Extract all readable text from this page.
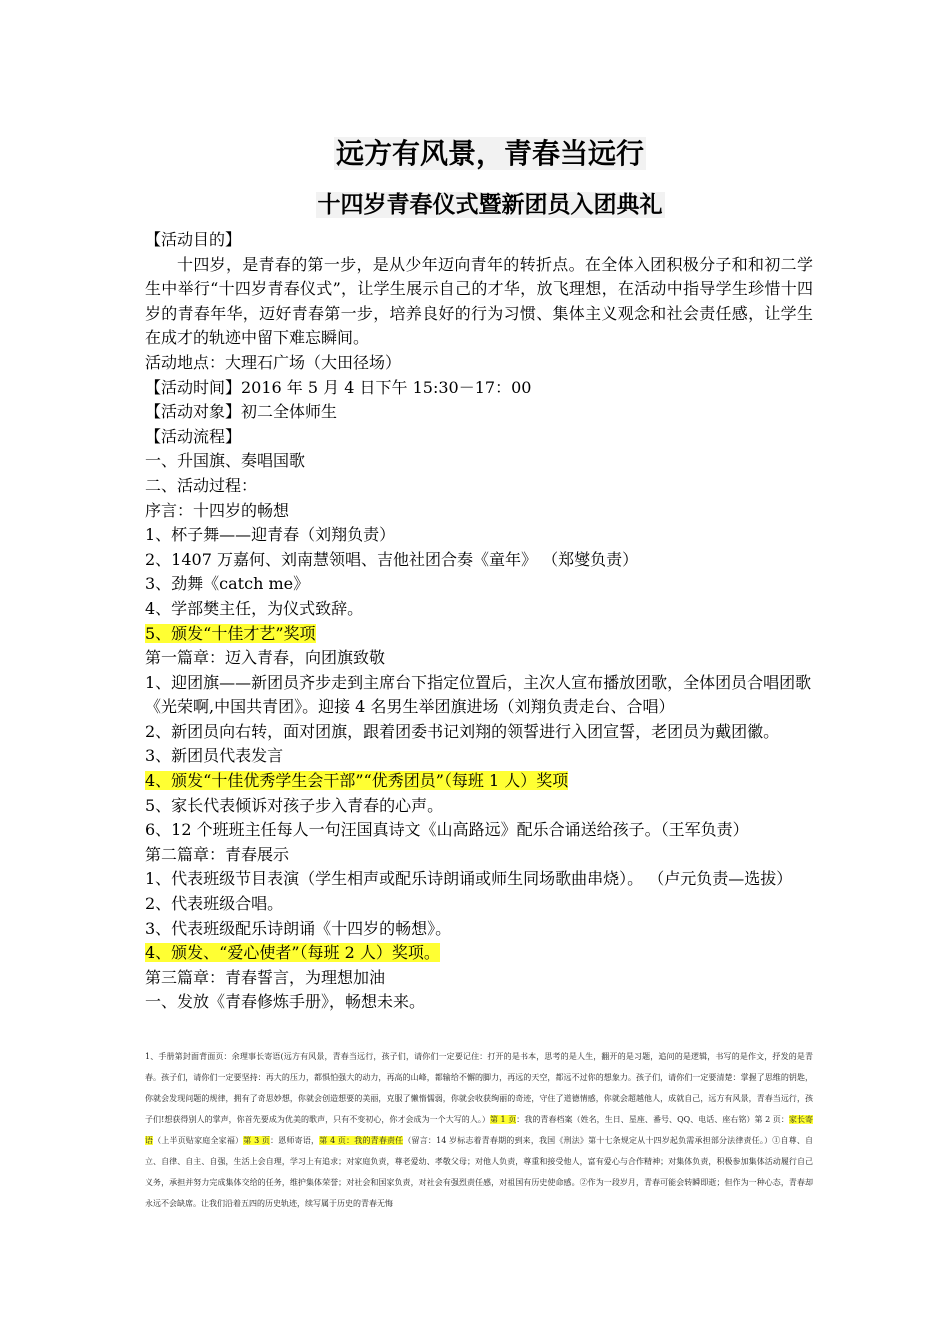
远方有风景，青春当远行
十四岁青春仪式暨新团员入团典礼

【活动目的】

十四岁，是青春的第一步，是从少年迈向青年的转折点。在全体入团积极分子和和初二学生中举行“十四岁青春仪式”，让学生展示自己的才华，放飞理想，在活动中指导学生珍惜十四岁的青春年华，迈好青春第一步，培养良好的行为习惯、集体主义观念和社会责任感，让学生在成才的轨迹中留下难忘瞬间。

活动地点：大理石广场（大田径场）

【活动时间】2016 年 5 月 4 日下午 15:30－17：00

【活动对象】初二全体师生

【活动流程】

一、升国旗、奏唱国歌

二、活动过程：

序言：十四岁的畅想

1、杯子舞——迎青春（刘翔负责）

2、1407 万嘉何、刘南慧领唱、吉他社团合奏《童年》 （郑燮负责）

3、劲舞《catch me》

4、学部樊主任，为仪式致辞。

5、颁发“十佳才艺”奖项

第一篇章：迈入青春，向团旗致敬

1、迎团旗——新团员齐步走到主席台下指定位置后，主次人宣布播放团歌，全体团员合唱团歌《光荣啊,中国共青团》。迎接 4 名男生举团旗进场（刘翔负责走台、合唱）

2、新团员向右转，面对团旗，跟着团委书记刘翔的领誓进行入团宣誓，老团员为戴团徽。

3、新团员代表发言

4、颁发“十佳优秀学生会干部”“优秀团员”（每班 1 人）奖项

5、家长代表倾诉对孩子步入青春的心声。

6、12 个班班主任每人一句汪国真诗文《山高路远》配乐合诵送给孩子。（王军负责）

第二篇章：青春展示

1、代表班级节目表演（学生相声或配乐诗朗诵或师生同场歌曲串烧）。 （卢元负责—选拔）

2、代表班级合唱。

3、代表班级配乐诗朗诵《十四岁的畅想》。

4、颁发、“爱心使者”（每班 2 人）奖项。

第三篇章：青春誓言，为理想加油

一、发放《青春修炼手册》，畅想未来。

1、手册第封面背面页：余理事长寄语(远方有风景，青春当远行，孩子们，请你们一定要记住：打开的是书本，思考的是人生，翻开的是习题，追问的是逻辑，书写的是作文，抒发的是青春。孩子们，请你们一定要坚持：再大的压力，都惧怕强大的动力，再高的山峰，都输给不懈的脚力，再远的天空，都远不过你的想象力。孩子们，请你们一定要清楚：掌握了思维的钥匙，你就会发现问题的规律，拥有了奇思妙想，你就会创造想要的美丽，克服了懒惰懦弱，你就会收获绚丽的奇迹，守住了道德情感，你就会超越他人，成就自己，远方有风景，青春当远行，孩子们!想获得别人的掌声，你首先要成为优美的歌声，只有不变初心，你才会成为一个大写的人。）第 1 页：我的青春档案（姓名，生日、星座、番号、QQ、电话、座右铭）第 2 页：家长寄语（上半页贴家庭全家福）第 3 页：恩师寄语，第 4 页：我的青春责任（留言：14 岁标志着青春期的到来，我国《刑法》第十七条规定从十四岁起负需承担部分法律责任。）①自尊、自立、自律、自主、自强，生活上会自理，学习上有追求；对家庭负责，尊老爱幼、孝敬父母；对他人负责，尊重和接受他人，富有爱心与合作精神；对集体负责，积极参加集体活动履行自己义务，承担并努力完成集体交给的任务，维护集体荣誉；对社会和国家负责，对社会有强烈责任感，对祖国有历史使命感。②作为一段岁月，青春可能会转瞬即逝；但作为一种心态，青春却永远不会缺席。让我们沿着五四的历史轨迹，续写属于历史的青春无悔
